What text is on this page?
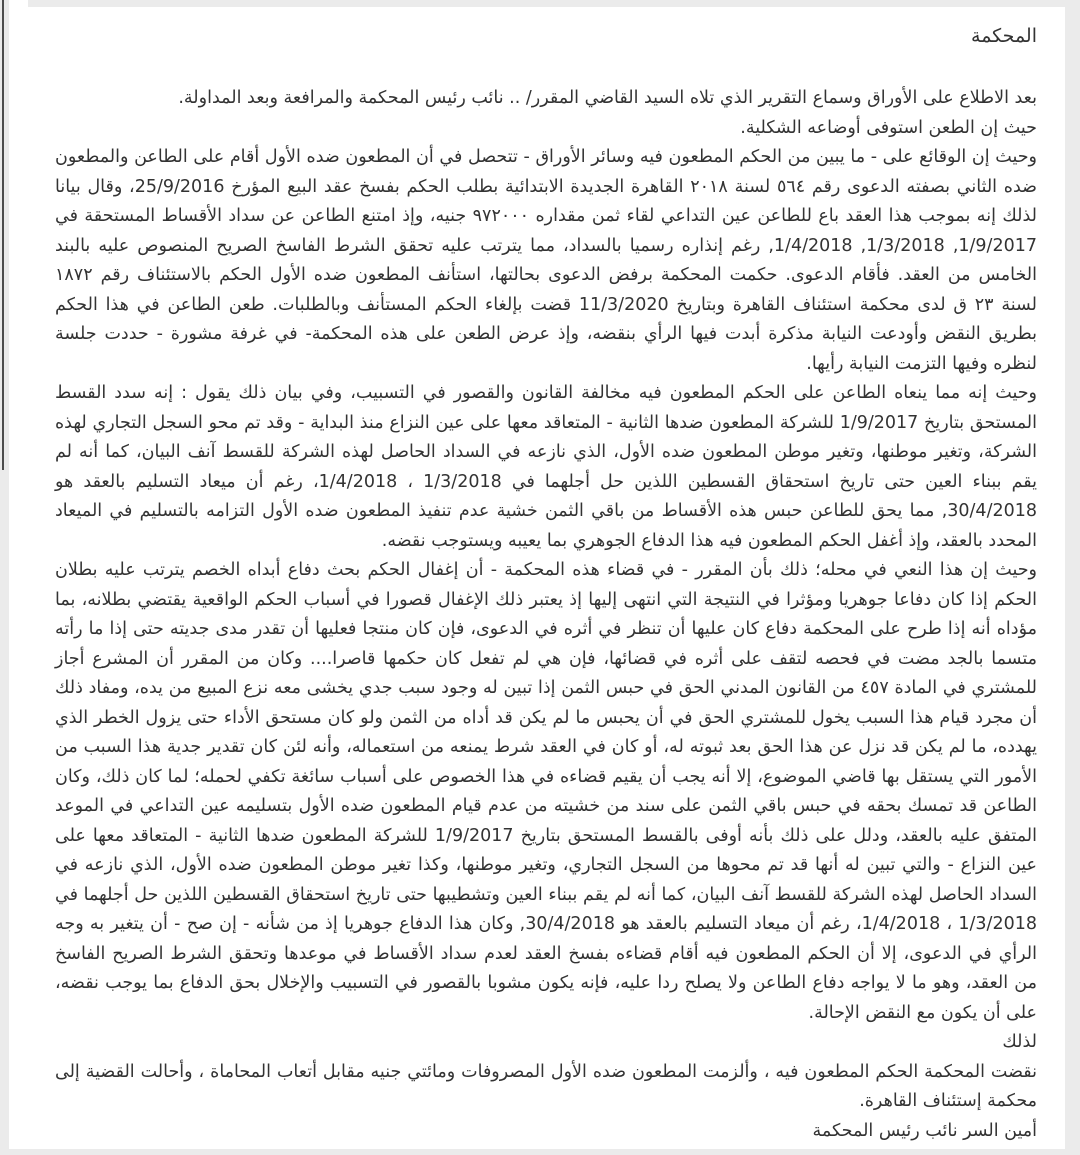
المحكمة

بعد الاطلاع على الأوراق وسماع التقرير الذي تلاه السيد القاضي المقرر/ .. نائب رئيس المحكمة والمرافعة وبعد المداولة.

حيث إن الطعن استوفى أوضاعه الشكلية.

وحيث إن الوقائع على - ما يبين من الحكم المطعون فيه وسائر الأوراق - تتحصل في أن المطعون ضده الأول أقام على الطاعن والمطعون ضده الثاني بصفته الدعوى رقم ٥٦٤ لسنة ٢٠١٨ القاهرة الجديدة الابتدائية بطلب الحكم بفسخ عقد البيع المؤرخ 25/9/2016، وقال بيانا لذلك إنه بموجب هذا العقد باع للطاعن عين التداعي لقاء ثمن مقداره ٩٧٢٠٠٠ جنيه، وإذ امتنع الطاعن عن سداد الأقساط المستحقة في 1/9/2017, 1/3/2018, 1/4/2018, رغم إنذاره رسميا بالسداد، مما يترتب عليه تحقق الشرط الفاسخ الصريح المنصوص عليه بالبند الخامس من العقد. فأقام الدعوى. حكمت المحكمة برفض الدعوى بحالتها، استأنف المطعون ضده الأول الحكم بالاستئناف رقم ١٨٧٢ لسنة ٢٣ ق لدى محكمة استئناف القاهرة وبتاريخ 11/3/2020 قضت بإلغاء الحكم المستأنف وبالطلبات. طعن الطاعن في هذا الحكم بطريق النقض وأودعت النيابة مذكرة أبدت فيها الرأي بنقضه، وإذ عرض الطعن على هذه المحكمة- في غرفة مشورة - حددت جلسة لنظره وفيها التزمت النيابة رأيها.

وحيث إنه مما ينعاه الطاعن على الحكم المطعون فيه مخالفة القانون والقصور في التسبيب، وفي بيان ذلك يقول : إنه سدد القسط المستحق بتاريخ 1/9/2017 للشركة المطعون ضدها الثانية - المتعاقد معها على عين النزاع منذ البداية - وقد تم محو السجل التجاري لهذه الشركة، وتغير موطنها، وتغير موطن المطعون ضده الأول، الذي نازعه في السداد الحاصل لهذه الشركة للقسط آنف البيان، كما أنه لم يقم ببناء العين حتى تاريخ استحقاق القسطين اللذين حل أجلهما في 1/3/2018 ، 1/4/2018، رغم أن ميعاد التسليم بالعقد هو 30/4/2018, مما يحق للطاعن حبس هذه الأقساط من باقي الثمن خشية عدم تنفيذ المطعون ضده الأول التزامه بالتسليم في الميعاد المحدد بالعقد، وإذ أغفل الحكم المطعون فيه هذا الدفاع الجوهري بما يعيبه ويستوجب نقضه.

وحيث إن هذا النعي في محله؛ ذلك بأن المقرر - في قضاء هذه المحكمة - أن إغفال الحكم بحث دفاع أبداه الخصم يترتب عليه بطلان الحكم إذا كان دفاعا جوهريا ومؤثرا في النتيجة التي انتهى إليها إذ يعتبر ذلك الإغفال قصورا في أسباب الحكم الواقعية يقتضي بطلانه، بما مؤداه أنه إذا طرح على المحكمة دفاع كان عليها أن تنظر في أثره في الدعوى، فإن كان منتجا فعليها أن تقدر مدى جديته حتى إذا ما رأته متسما بالجد مضت في فحصه لتقف على أثره في قضائها، فإن هي لم تفعل كان حكمها قاصرا.... وكان من المقرر أن المشرع أجاز للمشتري في المادة ٤٥٧ من القانون المدني الحق في حبس الثمن إذا تبين له وجود سبب جدي يخشى معه نزع المبيع من يده، ومفاد ذلك أن مجرد قيام هذا السبب يخول للمشتري الحق في أن يحبس ما لم يكن قد أداه من الثمن ولو كان مستحق الأداء حتى يزول الخطر الذي يهدده، ما لم يكن قد نزل عن هذا الحق بعد ثبوته له، أو كان في العقد شرط يمنعه من استعماله، وأنه لئن كان تقدير جدية هذا السبب من الأمور التي يستقل بها قاضي الموضوع، إلا أنه يجب أن يقيم قضاءه في هذا الخصوص على أسباب سائغة تكفي لحمله؛ لما كان ذلك، وكان الطاعن قد تمسك بحقه في حبس باقي الثمن على سند من خشيته من عدم قيام المطعون ضده الأول بتسليمه عين التداعي في الموعد المتفق عليه بالعقد، ودلل على ذلك بأنه أوفى بالقسط المستحق بتاريخ 1/9/2017 للشركة المطعون ضدها الثانية - المتعاقد معها على عين النزاع - والتي تبين له أنها قد تم محوها من السجل التجاري، وتغير موطنها، وكذا تغير موطن المطعون ضده الأول، الذي نازعه في السداد الحاصل لهذه الشركة للقسط آنف البيان، كما أنه لم يقم ببناء العين وتشطيبها حتى تاريخ استحقاق القسطين اللذين حل أجلهما في 1/3/2018 ، 1/4/2018، رغم أن ميعاد التسليم بالعقد هو 30/4/2018, وكان هذا الدفاع جوهريا إذ من شأنه - إن صح - أن يتغير به وجه الرأي في الدعوى، إلا أن الحكم المطعون فيه أقام قضاءه بفسخ العقد لعدم سداد الأقساط في موعدها وتحقق الشرط الصريح الفاسخ من العقد، وهو ما لا يواجه دفاع الطاعن ولا يصلح ردا عليه، فإنه يكون مشوبا بالقصور في التسبيب والإخلال بحق الدفاع بما يوجب نقضه، على أن يكون مع النقض الإحالة.

لذلك

نقضت المحكمة الحكم المطعون فيه ، وألزمت المطعون ضده الأول المصروفات ومائتي جنيه مقابل أتعاب المحاماة ، وأحالت القضية إلى محكمة إستئناف القاهرة.

أمين السر نائب رئيس المحكمة
